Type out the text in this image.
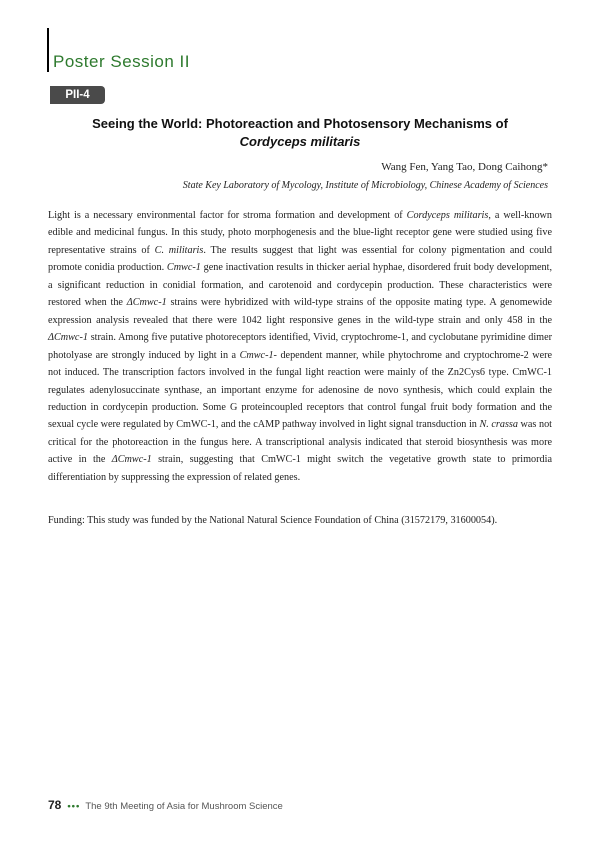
Poster Session II
PII-4
Seeing the World: Photoreaction and Photosensory Mechanisms of
Cordyceps militaris
Wang Fen, Yang Tao, Dong Caihong*
State Key Laboratory of Mycology, Institute of Microbiology, Chinese Academy of Sciences
Light is a necessary environmental factor for stroma formation and development of Cordyceps militaris, a well-known edible and medicinal fungus. In this study, photo morphogenesis and the blue-light receptor gene were studied using five representative strains of C. militaris. The results suggest that light was essential for colony pigmentation and could promote conidia production. Cmwc-1 gene inactivation results in thicker aerial hyphae, disordered fruit body development, a significant reduction in conidial formation, and carotenoid and cordycepin production. These characteristics were restored when the ΔCmwc-1 strains were hybridized with wild-type strains of the opposite mating type. A genomewide expression analysis revealed that there were 1042 light responsive genes in the wild-type strain and only 458 in the ΔCmwc-1 strain. Among five putative photoreceptors identified, Vivid, cryptochrome-1, and cyclobutane pyrimidine dimer photolyase are strongly induced by light in a Cmwc-1- dependent manner, while phytochrome and cryptochrome-2 were not induced. The transcription factors involved in the fungal light reaction were mainly of the Zn2Cys6 type. CmWC-1 regulates adenylosuccinate synthase, an important enzyme for adenosine de novo synthesis, which could explain the reduction in cordycepin production. Some G proteincoupled receptors that control fungal fruit body formation and the sexual cycle were regulated by CmWC-1, and the cAMP pathway involved in light signal transduction in N. crassa was not critical for the photoreaction in the fungus here. A transcriptional analysis indicated that steroid biosynthesis was more active in the ΔCmwc-1 strain, suggesting that CmWC-1 might switch the vegetative growth state to primordia differentiation by suppressing the expression of related genes.
Funding: This study was funded by the National Natural Science Foundation of China (31572179, 31600054).
78 ••• The 9th Meeting of Asia for Mushroom Science
